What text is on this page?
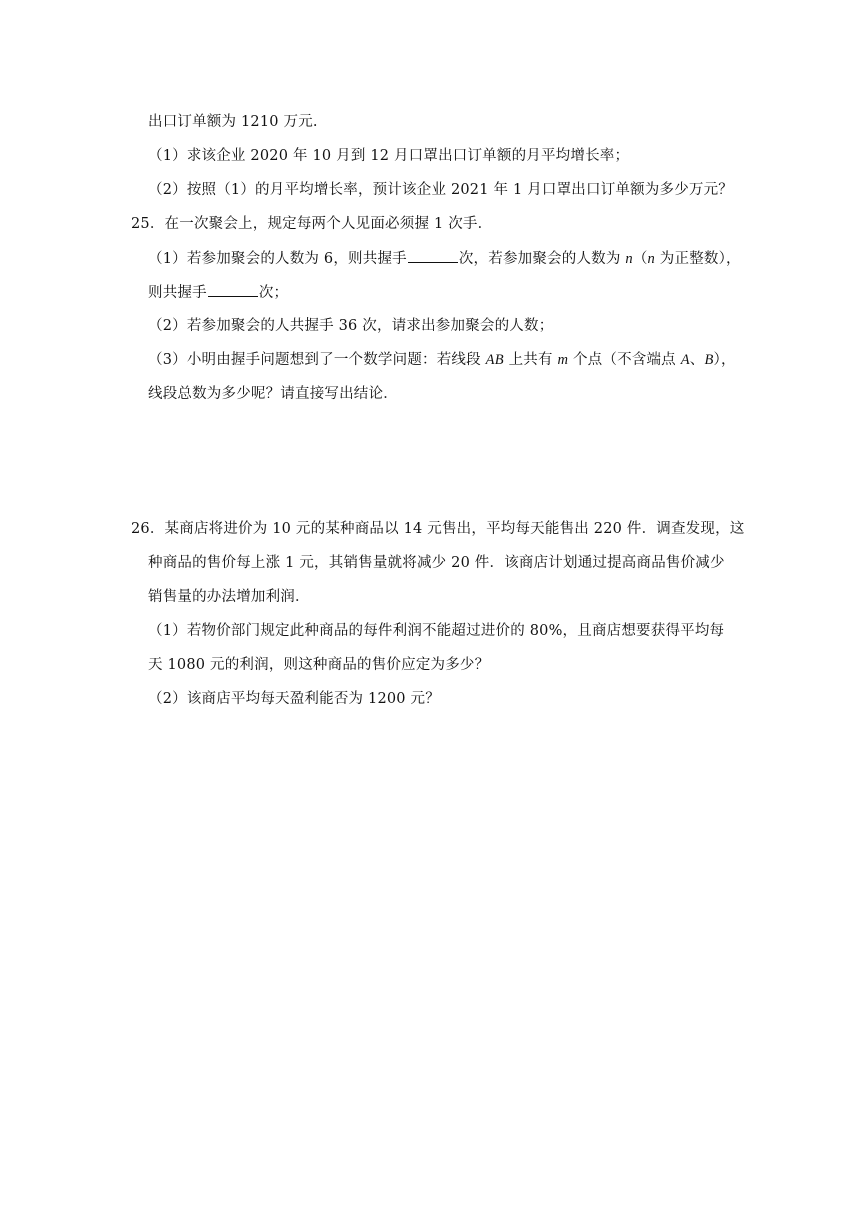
出口订单额为 1210 万元.
（1）求该企业 2020 年 10 月到 12 月口罩出口订单额的月平均增长率；
（2）按照（1）的月平均增长率，预计该企业 2021 年 1 月口罩出口订单额为多少万元？
25．在一次聚会上，规定每两个人见面必须握 1 次手．
（1）若参加聚会的人数为 6，则共握手	次，若参加聚会的人数为 n（n 为正整数），
则共握手	次；
（2）若参加聚会的人共握手 36 次，请求出参加聚会的人数；
（3）小明由握手问题想到了一个数学问题：若线段 AB 上共有 m 个点（不含端点 A、B），
线段总数为多少呢？请直接写出结论．
26．某商店将进价为 10 元的某种商品以 14 元售出，平均每天能售出 220 件．调查发现，这
种商品的售价每上涨 1 元，其销售量就将减少 20 件．该商店计划通过提高商品售价减少
销售量的办法增加利润．
（1）若物价部门规定此种商品的每件利润不能超过进价的 80%，且商店想要获得平均每
天 1080 元的利润，则这种商品的售价应定为多少？
（2）该商店平均每天盈利能否为 1200 元？
